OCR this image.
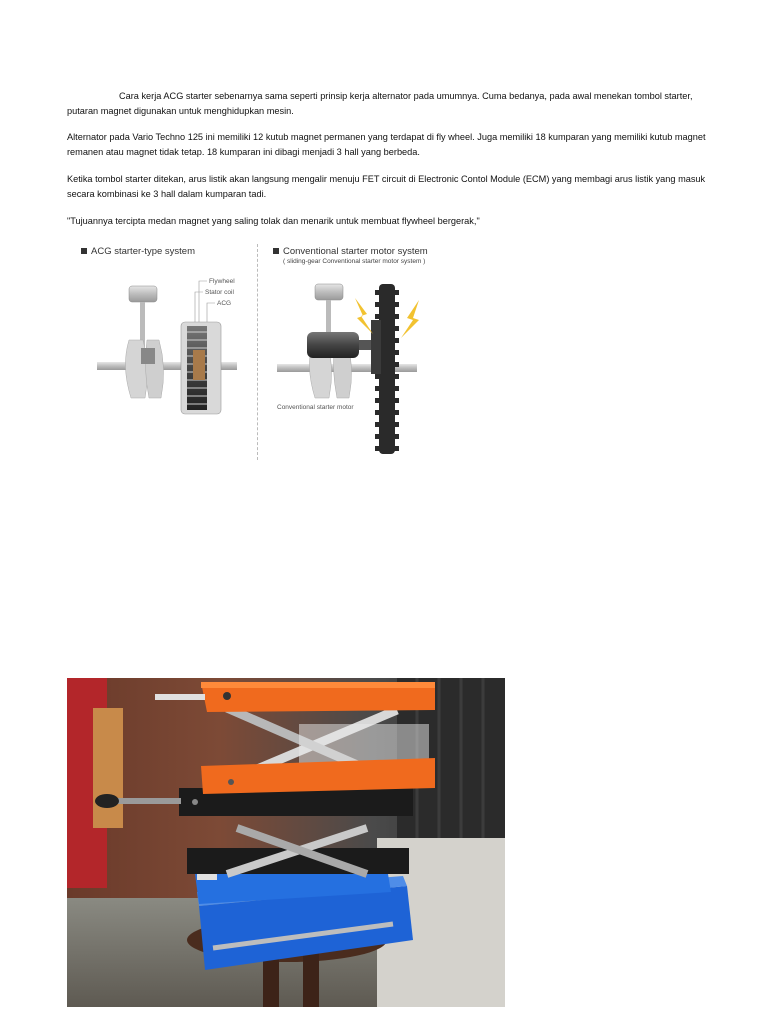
Cara kerja ACG starter sebenarnya sama seperti prinsip kerja alternator pada umumnya. Cuma bedanya, pada awal menekan tombol starter, putaran magnet digunakan untuk menghidupkan mesin.
Alternator pada Vario Techno 125 ini memiliki 12 kutub magnet permanen yang terdapat di fly wheel. Juga memiliki 18 kumparan yang memiliki kutub magnet remanen atau magnet tidak tetap. 18 kumparan ini dibagi menjadi 3 hall yang berbeda.
Ketika tombol starter ditekan, arus listik akan langsung mengalir menuju FET circuit di Electronic Contol Module (ECM) yang membagi arus listik yang masuk secara kombinasi ke 3 hall dalam kumparan tadi.
"Tujuannya tercipta medan magnet yang saling tolak dan menarik untuk membuat flywheel bergerak,"
ACG starter-type system	Conventional starter motor system
( sliding-gear Conventional starter motor system )
Flywheel
Stator coil
ACG
Conventional starter motor
